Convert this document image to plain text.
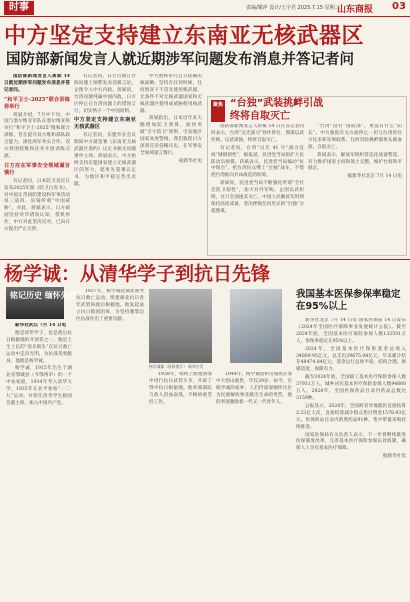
时事	责编/耀萍 设计/王宇君 2025.7.15 星期二
山东商报 03
中方坚定支持建立东南亚无核武器区
国防部新闻发言人就近期涉军问题发布消息并答记者问

国防部新闻发言人蒋斌 14 日就近期涉军问题发布消息并答记者问。

“和平卫士-2025”联合训练将举行

蒋斌介绍，7月中下旬，中国与塞尔维亚军队在塞尔维亚将举行“和平卫士-2025”维和联合训练，旨在提升双方维和部队联合能力，深化两军务实合作。双方将围绕维和任务开展训练交流。

日方应在军事安全领域谨言慎行

有记者问，日本防卫省近日发布2025年版《防卫白皮书》，对中国正常国防建设和军事活动说三道四，渲染所谓“中国威胁”。对此，蒋斌表示，日方顽固坚持对华错误认知，借机炒作，中方对此坚决反对，已向日方提出严正交涉。

有记者问，日方近期在台海问题上频繁发表消极言论，企图介入中方内政。蒋斌说，台湾问题纯属中国内政，日方应停止在台湾问题上的错误言行，切实恪守一个中国原则。

中方坚定支持建立东南亚无核武器区

有记者问，东盟外长会议期间中方就签署《东南亚无核武器区条约》议定书相关问题重申立场。蒋斌表示，中方始终支持东盟国家建立无核武器区的努力，愿率先签署议定书，为地区和平稳定作出贡献。

中方始终奉行自卫防御的核战略，坚持在任何时候、任何情况下不首先使用核武器，无条件不对无核武器国家和无核武器区使用或威胁使用核武器。

蒋斌指出，日本近年来大幅增加防卫预算，加快突破“专守防卫”原则，引发地区国家高度警惕。我们敦促日方深刻反省侵略历史，在军事安全领域谨言慎行。

据新华社电

聚焦 “台独”武装挑衅引战
终将自取灭亡

国防部新闻发言人蒋斌 14 日在答记者问时表示，台湾“汉光演习”炒作涉台，图谋以武拒统、以武谋独，终将自取灭亡。

有记者问，台湾“汉光 41 号”演习宣扬“城镇韧性”，据报道，民进党当局拟扩大民防动员规模。蒋斌表示，民进党当局煽动“抗中保台”，把台湾民众绑上“台独”战车，不惜把台湾推向兵凶战危的险境。

蒋斌说，民进党当局不断强化所谓“全社会防卫韧性”，加大对外军购，企图以武拒统，这只会加速其灭亡。中国人民解放军时刻保持高度戒备，坚决挫败任何形式的“台独”分裂图谋。

“台湾”没有“国防部”，更没有什么“防长”。中方敦促有关方面停止一切与台湾的官方往来和军事联系。任何冒险挑衅都将头破血流、自取灭亡。

蒋斌表示，解放军组织常态化战备警巡，有力维护国家主权和领土完整，维护台海和平稳定。

据新华社北京 7月 14 日电

杨学诚：从清华学子到抗日先锋
铭记历史 缅怀先烈

新华社武汉 7月 14 日电

他是清华学子，也是敌后抗日根据地的开创者之一，他是土生土长的“南京街头”在抗日救亡运动中走向光明，为抗战英勇献身。他就是杨学诚。

杨学诚，1915年出生于湖北省鄂城县（今鄂州市）的一个中农家庭，1934年考入清华大学，1935年在北平参加“一二·九”运动，并担任清华学生救国会副主席，加入中国共产党。

1937年，杨学诚赴湖北领导抗日救亡运动，组建湖北抗日青年武装和敌后根据地。他发起成立抗日救国团体，为坚持豫鄂边区抗战作出了重要贡献。

杨学诚像（资料照片） 新华社发

1938年，组织上派他到鄂中进行抗日武装斗争，开辟了鄂中抗日根据地。他率领部队与敌人浴血奋战，不顾病重坚持工作。

1944年，杨学诚因积劳成疾在鄂中大悟山逝世，年仅29岁。如今，在杨学诚的家乡，人们仍深深缅怀这位为民族解放事业献出生命的英烈，他的事迹激励着一代又一代青年人。

我国基本医保参保率稳定在95%以上

新华社北京 7月 14 日电 国家医保局 14 日发布《2024年全国医疗保障事业发展统计公报》。截至2024年底，全国基本医疗保险参保人数132591万人，参保率稳定在95%以上。

2024年，全国基本医疗保险基金总收入34809.95亿元，总支出29675.98亿元，年末累计结存48474.84亿元，基金运行总体平稳、结构合理、规模适度、保障有力。

截至2024年底，全国职工基本医疗保险参保人数37931万人，城乡居民基本医疗保险参保人数94660万人。2024年，全国医保药品目录内药品总数达3159种。

公报显示，2024年，全国跨省异地就医直接结算2.33亿人次，直接结算减少群众垫付资金1578.93亿元。医保药品目录内新增药品91种，集中带量采购持续推进。

国家医保局有关负责人表示，下一步将继续推进医保制度改革，完善基本医疗保险参保长效机制，确保人人享有基本医疗保障。

据新华社电
